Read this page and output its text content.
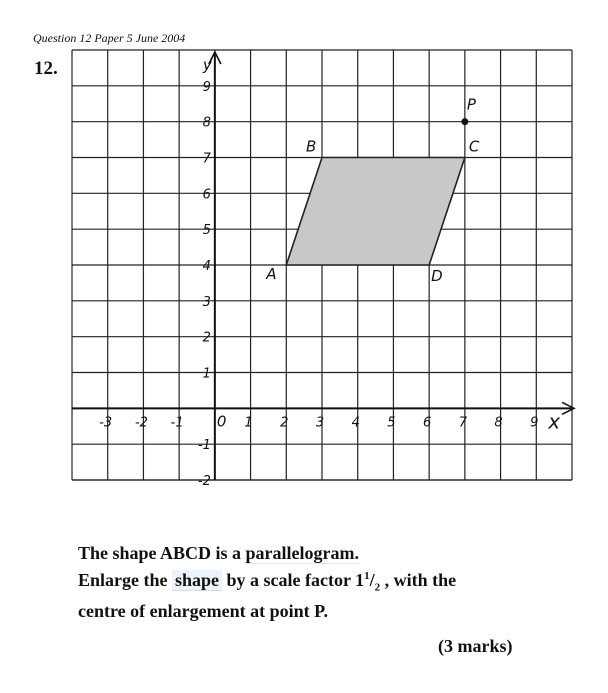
Question 12 Paper 5 June 2004
12.
-3 -2 -1 0 1 2 3 4 5 6 7 8 9
-2
-1
1
2
3
4
5
6
7
8
9
x
y
A
B	C
D
P
The shape ABCD is a parallelogram.
Enlarge the shape by a scale factor $1^1/_2$ , with the
centre of enlargement at point P.
(3 marks)
